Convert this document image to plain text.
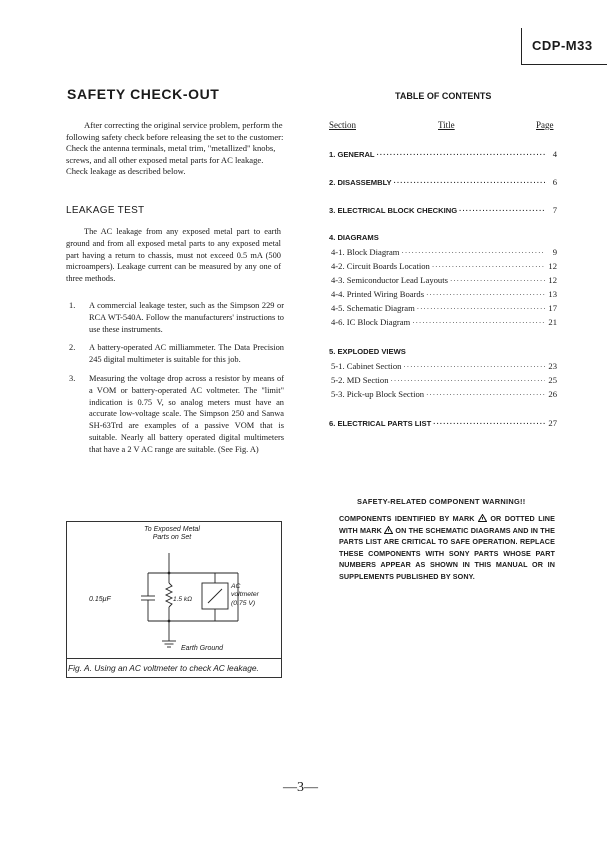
CDP-M33
SAFETY CHECK-OUT

After correcting the original service problem, perform the following safety check before releasing the set to the customer:

Check the antenna terminals, metal trim, "metallized" knobs, screws, and all other exposed metal parts for AC leakage. Check leakage as described below.

LEAKAGE TEST

The AC leakage from any exposed metal part to earth ground and from all exposed metal parts to any exposed metal part having a return to chassis, must not exceed 0.5 mA (500 microampers). Leakage current can be measured by any one of three methods.

1. A commercial leakage tester, such as the Simpson 229 or RCA WT-540A. Follow the manufacturers' instructions to use these instruments.
2. A battery-operated AC milliammeter. The Data Precision 245 digital multimeter is suitable for this job.
3. Measuring the voltage drop across a resistor by means of a VOM or battery-operated AC voltmeter. The "limit" indication is 0.75 V, so analog meters must have an accurate low-voltage scale. The Simpson 250 and Sanwa SH-63Trd are examples of a passive VOM that is suitable. Nearly all battery operated digital multimeters that have a 2 V AC range are suitable. (See Fig. A)
To Exposed Metal
Parts on Set
0.15μF	1.5 kΩ
AC
voltmeter
(0.75 V)
Earth Ground
Fig. A. Using an AC voltmeter to check AC leakage.
TABLE OF CONTENTS
Section	Title	Page
1. GENERAL ·····	4
2. DISASSEMBLY ·····	6
3. ELECTRICAL BLOCK CHECKING ·····	7
4. DIAGRAMS
4-1. Block Diagram ·····	9
4-2. Circuit Boards Location ·····	12
4-3. Semiconductor Lead Layouts ·····	12
4-4. Printed Wiring Boards ·····	13
4-5. Schematic Diagram ·····	17
4-6. IC Block Diagram ·····	21
5. EXPLODED VIEWS
5-1. Cabinet Section ·····	23
5-2. MD Section ·····	25
5-3. Pick-up Block Section ·····	26
6. ELECTRICAL PARTS LIST ·····	27
SAFETY-RELATED COMPONENT WARNING!!
COMPONENTS IDENTIFIED BY MARK OR DOTTED LINE WITH MARK ON THE SCHEMATIC DIAGRAMS AND IN THE PARTS LIST ARE CRITICAL TO SAFE OPERATION. REPLACE THESE COMPONENTS WITH SONY PARTS WHOSE PART NUMBERS APPEAR AS SHOWN IN THIS MANUAL OR IN SUPPLEMENTS PUBLISHED BY SONY.
—3—
